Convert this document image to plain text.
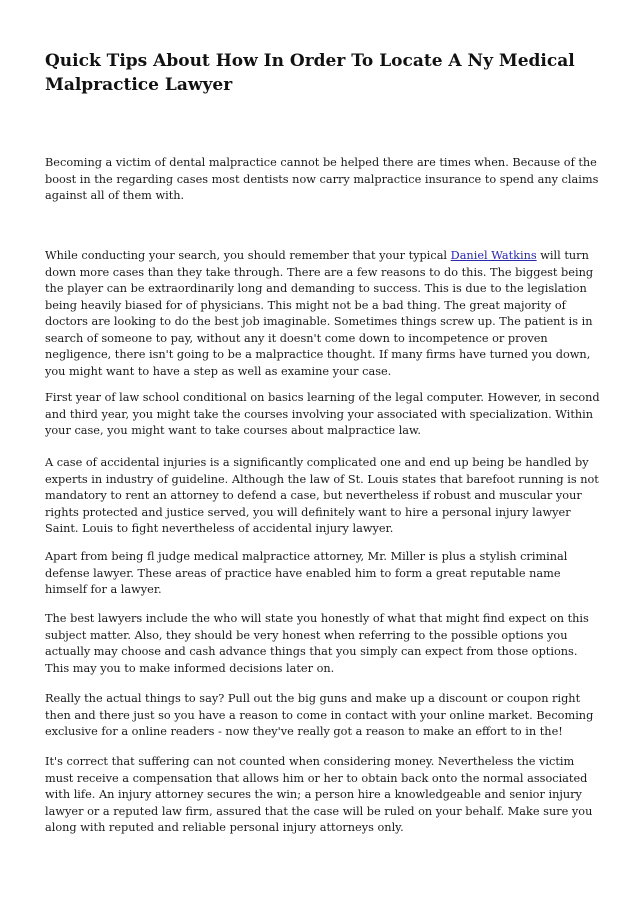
Quick Tips About How In Order To Locate A Ny Medical Malpractice Lawyer

Becoming a victim of dental malpractice cannot be helped there are times when. Because of the boost in the regarding cases most dentists now carry malpractice insurance to spend any claims against all of them with.

While conducting your search, you should remember that your typical Daniel Watkins will turn down more cases than they take through. There are a few reasons to do this. The biggest being the player can be extraordinarily long and demanding to success. This is due to the legislation being heavily biased for of physicians. This might not be a bad thing. The great majority of doctors are looking to do the best job imaginable. Sometimes things screw up. The patient is in search of someone to pay, without any it doesn't come down to incompetence or proven negligence, there isn't going to be a malpractice thought. If many firms have turned you down, you might want to have a step as well as examine your case.

First year of law school conditional on basics learning of the legal computer. However, in second and third year, you might take the courses involving your associated with specialization. Within your case, you might want to take courses about malpractice law.

A case of accidental injuries is a significantly complicated one and end up being be handled by experts in industry of guideline. Although the law of St. Louis states that barefoot running is not mandatory to rent an attorney to defend a case, but nevertheless if robust and muscular your rights protected and justice served, you will definitely want to hire a personal injury lawyer Saint. Louis to fight nevertheless of accidental injury lawyer.

Apart from being fl judge medical malpractice attorney, Mr. Miller is plus a stylish criminal defense lawyer. These areas of practice have enabled him to form a great reputable name himself for a lawyer.

The best lawyers include the who will state you honestly of what that might find expect on this subject matter. Also, they should be very honest when referring to the possible options you actually may choose and cash advance things that you simply can expect from those options. This may you to make informed decisions later on.

Really the actual things to say? Pull out the big guns and make up a discount or coupon right then and there just so you have a reason to come in contact with your online market. Becoming exclusive for a online readers - now they've really got a reason to make an effort to in the!

It's correct that suffering can not counted when considering money. Nevertheless the victim must receive a compensation that allows him or her to obtain back onto the normal associated with life. An injury attorney secures the win; a person hire a knowledgeable and senior injury lawyer or a reputed law firm, assured that the case will be ruled on your behalf. Make sure you along with reputed and reliable personal injury attorneys only.
